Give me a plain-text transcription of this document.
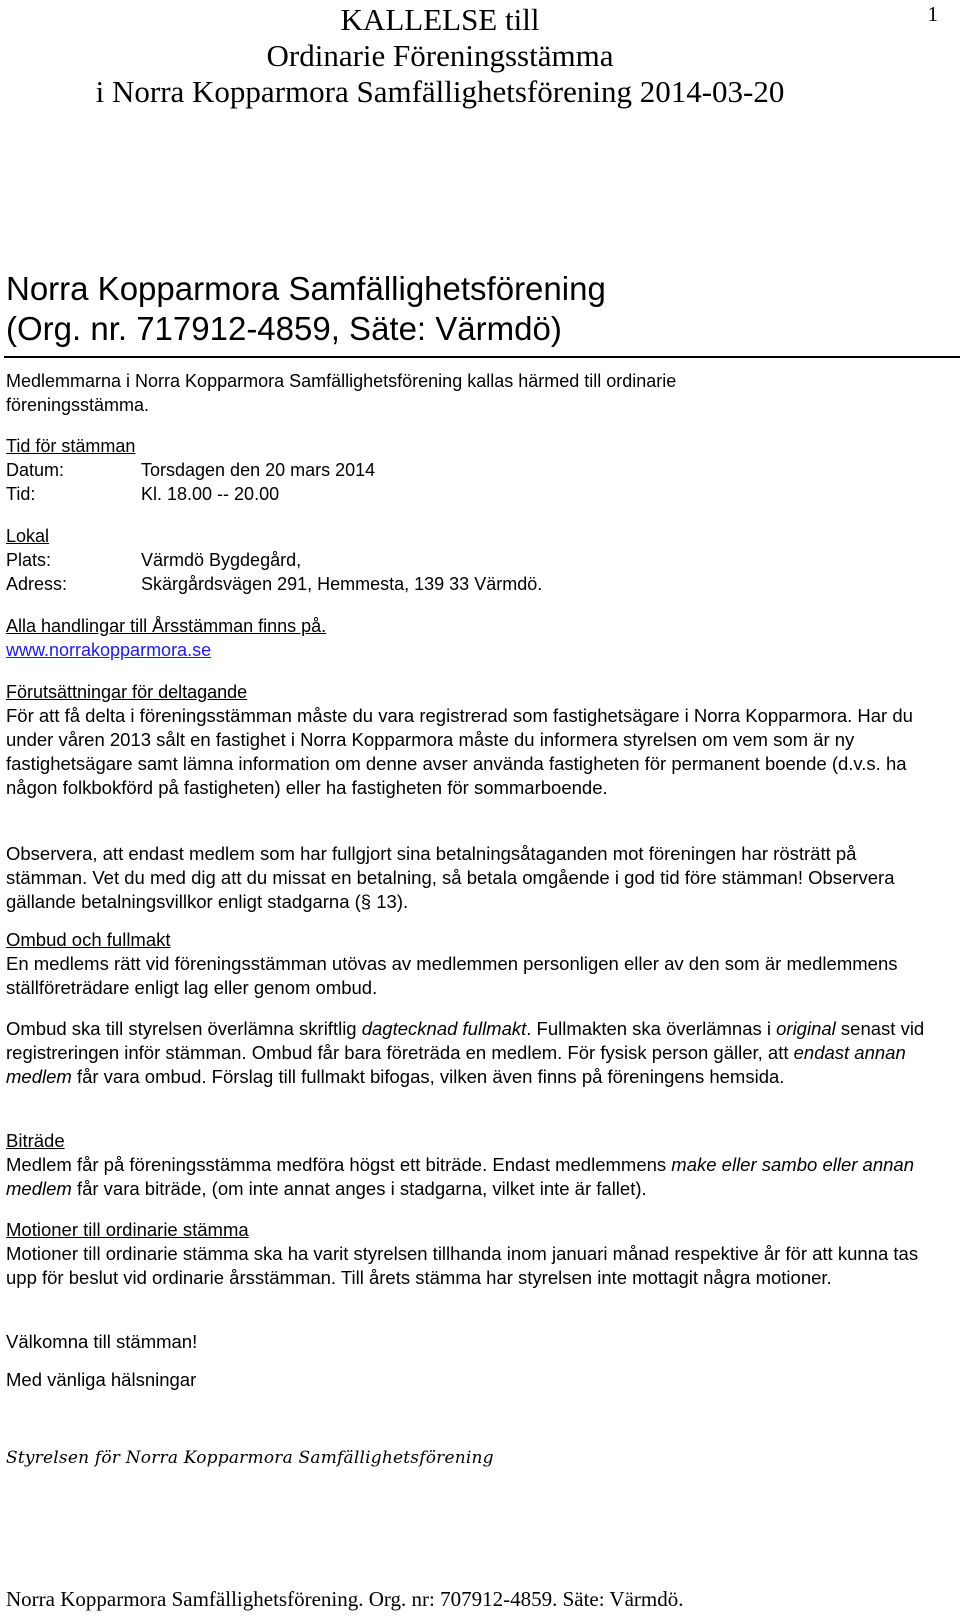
1
KALLELSE till
Ordinarie Föreningsstämma
i Norra Kopparmora Samfällighetsförening 2014-03-20
Norra Kopparmora Samfällighetsförening
(Org. nr. 717912-4859, Säte: Värmdö)
Medlemmarna i Norra Kopparmora Samfällighetsförening kallas härmed till ordinarie föreningsstämma.
Tid för stämman
Datum:	Torsdagen den 20 mars 2014
Tid:	Kl. 18.00 -- 20.00
Lokal
Plats:	Värmdö Bygdegård,
Adress:	Skärgårdsvägen 291, Hemmesta, 139 33 Värmdö.
Alla handlingar till Årsstämman finns på.
www.norrakopparmora.se
Förutsättningar för deltagande
För att få delta i föreningsstämman måste du vara registrerad som fastighetsägare i Norra Kopparmora. Har du under våren 2013 sålt en fastighet i Norra Kopparmora måste du informera styrelsen om vem som är ny fastighetsägare samt lämna information om denne avser använda fastigheten för permanent boende (d.v.s. ha någon folkbokförd på fastigheten) eller ha fastigheten för sommarboende.
Observera, att endast medlem som har fullgjort sina betalningsåtaganden mot föreningen har rösträtt på stämman. Vet du med dig att du missat en betalning, så betala omgående i god tid före stämman! Observera gällande betalningsvillkor enligt stadgarna (§ 13).
Ombud och fullmakt
En medlems rätt vid föreningsstämman utövas av medlemmen personligen eller av den som är medlemmens ställföreträdare enligt lag eller genom ombud.
Ombud ska till styrelsen överlämna skriftlig dagtecknad fullmakt. Fullmakten ska överlämnas i original senast vid registreringen inför stämman. Ombud får bara företräda en medlem. För fysisk person gäller, att endast annan medlem får vara ombud. Förslag till fullmakt bifogas, vilken även finns på föreningens hemsida.
Biträde
Medlem får på föreningsstämma medföra högst ett biträde. Endast medlemmens make eller sambo eller annan medlem får vara biträde, (om inte annat anges i stadgarna, vilket inte är fallet).
Motioner till ordinarie stämma
Motioner till ordinarie stämma ska ha varit styrelsen tillhanda inom januari månad respektive år för att kunna tas upp för beslut vid ordinarie årsstämman. Till årets stämma har styrelsen inte mottagit några motioner.
Välkomna till stämman!
Med vänliga hälsningar
Styrelsen för Norra Kopparmora Samfällighetsförening
Norra Kopparmora Samfällighetsförening. Org. nr: 707912-4859. Säte: Värmdö.
